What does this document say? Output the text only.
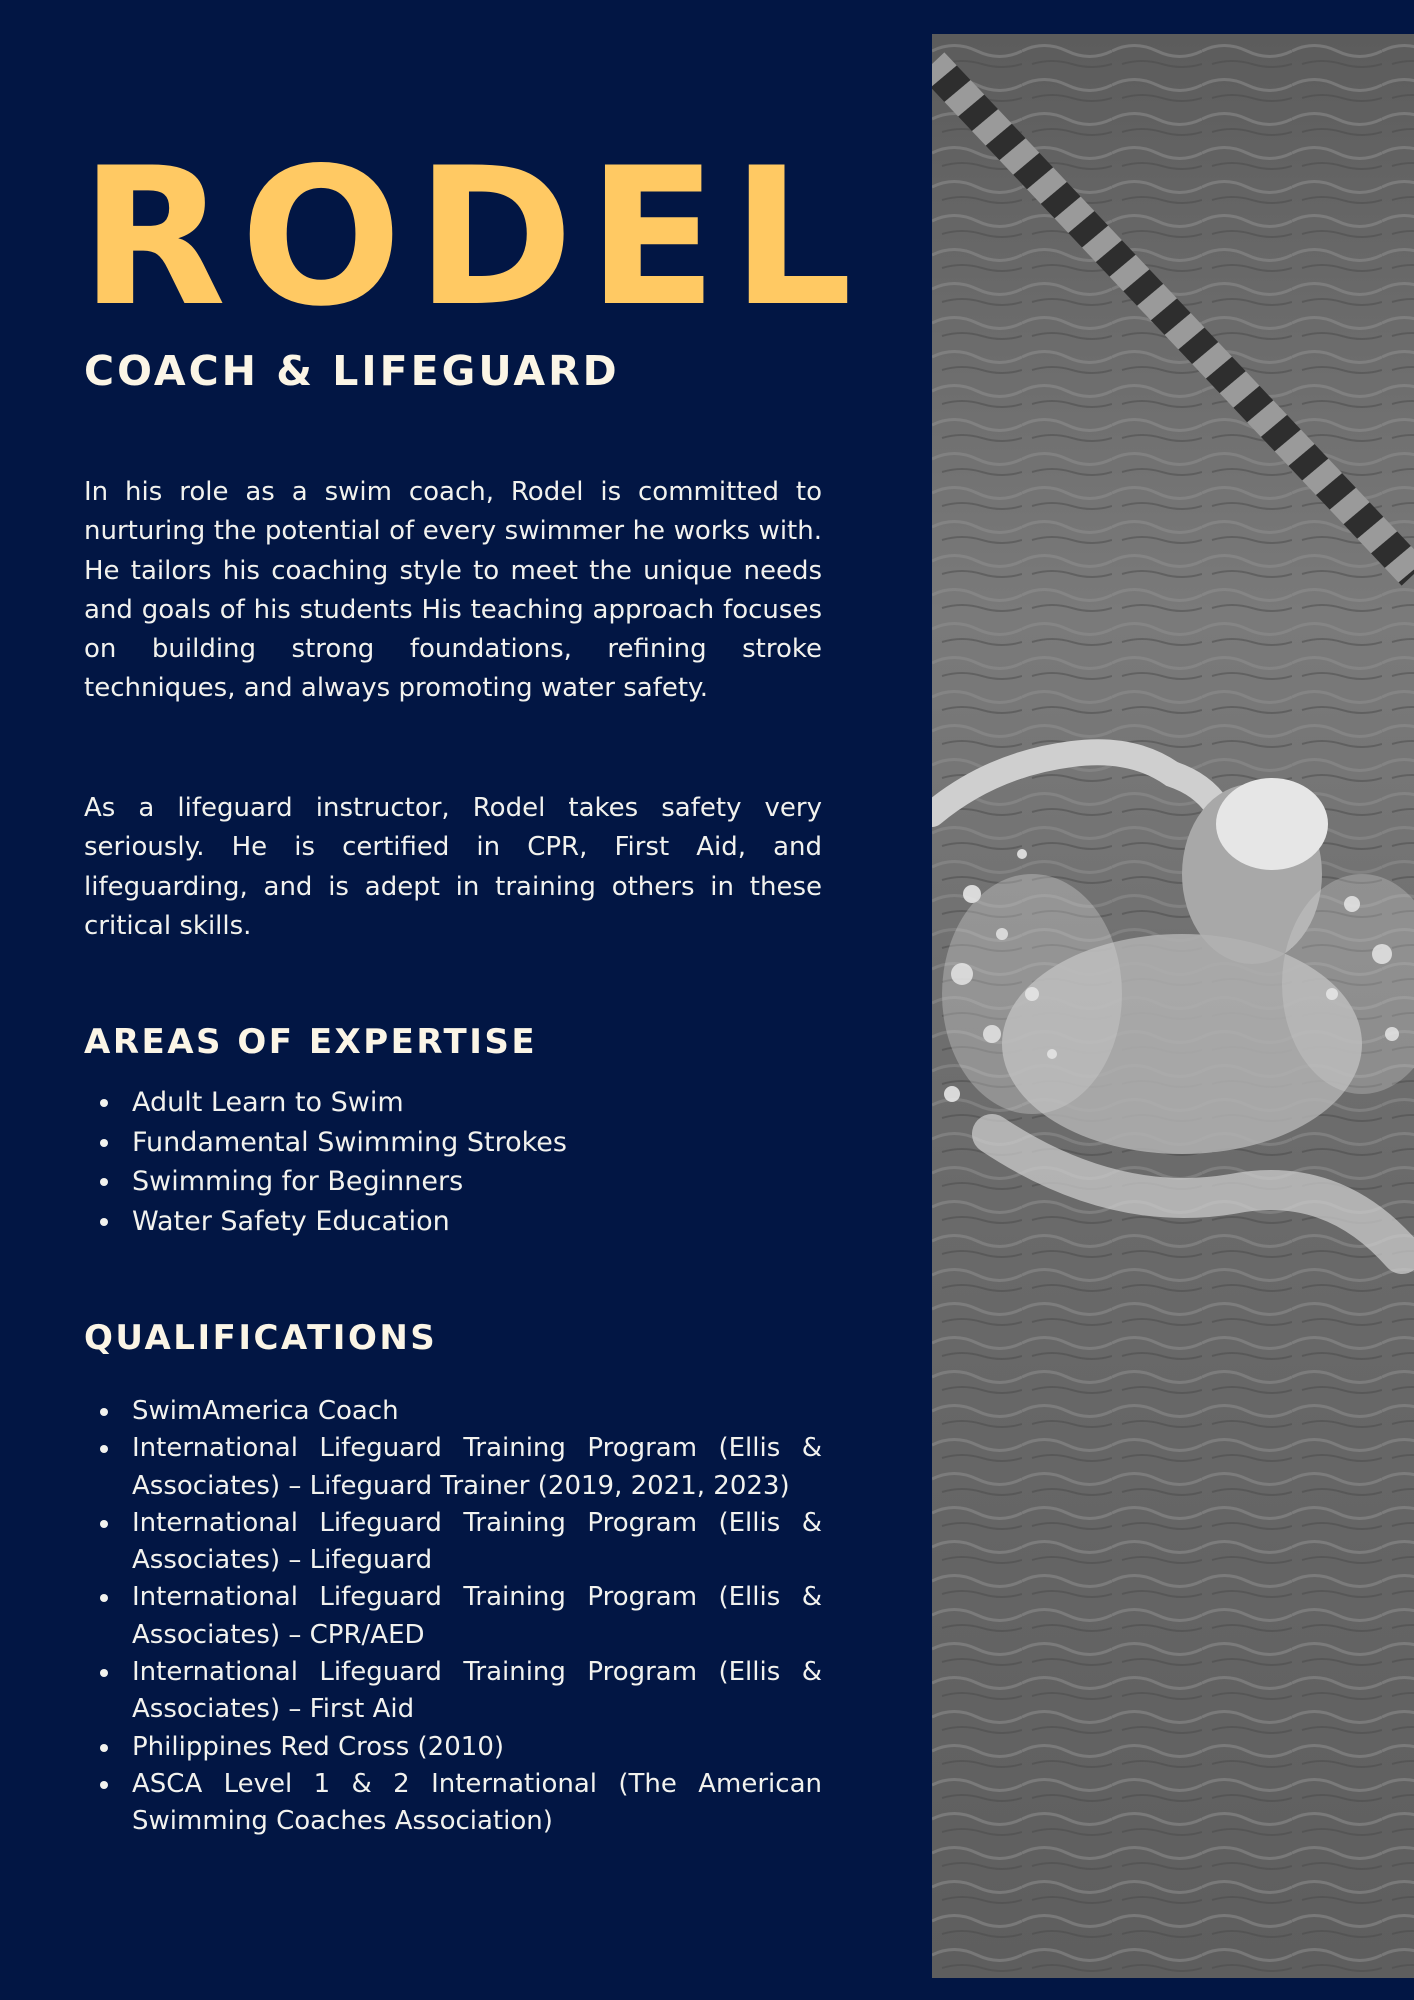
RODEL
COACH & LIFEGUARD

In his role as a swim coach, Rodel is committed to nurturing the potential of every swimmer he works with. He tailors his coaching style to meet the unique needs and goals of his students His teaching approach focuses on building strong foundations, refining stroke techniques, and always promoting water safety.

As a lifeguard instructor, Rodel takes safety very seriously. He is certified in CPR, First Aid, and lifeguarding, and is adept in training others in these critical skills.

AREAS OF EXPERTISE
Adult Learn to Swim
Fundamental Swimming Strokes
Swimming for Beginners
Water Safety Education
QUALIFICATIONS
SwimAmerica Coach
International Lifeguard Training Program (Ellis & Associates) – Lifeguard Trainer (2019, 2021, 2023)
International Lifeguard Training Program (Ellis & Associates) – Lifeguard
International Lifeguard Training Program (Ellis & Associates) – CPR/AED
International Lifeguard Training Program (Ellis & Associates) – First Aid
Philippines Red Cross (2010)
ASCA Level 1 & 2 International (The American Swimming Coaches Association)
